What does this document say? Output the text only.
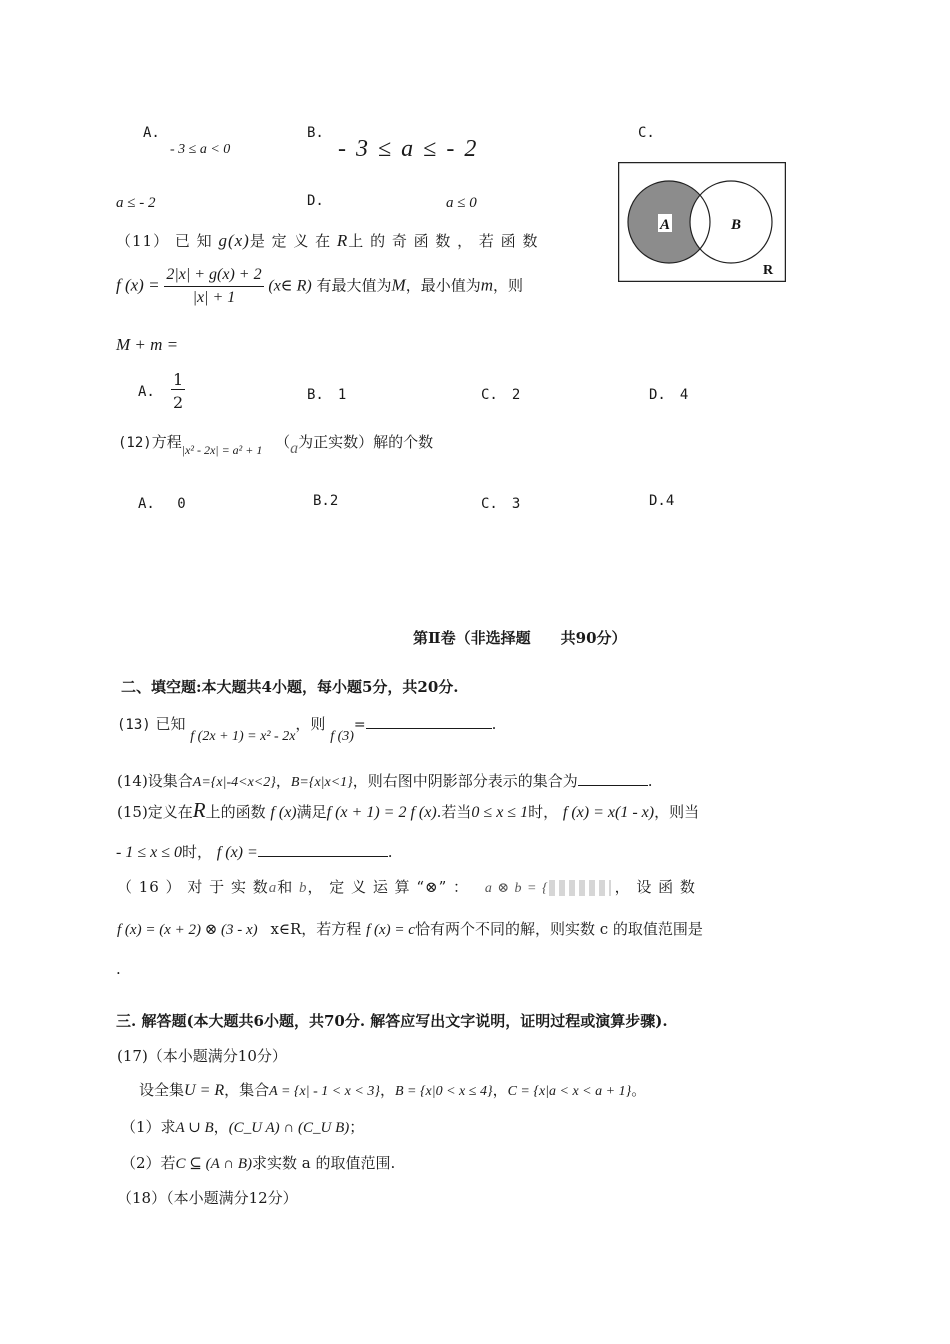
A.
- 3 ≤ a < 0
B.
- 3 ≤ a ≤ - 2
C.
a ≤ - 2	D.	a ≤ 0
A	B
R
（11） 已 知 g(x)是 定 义 在 R上 的 奇 函 数 ， 若 函 数
f $(x) = \frac{2|x| + g(x) + 2}{|x| + 1}$ (x∈ R) 有最大值为M，最小值为m，则
M + m =
A.
1
2	B.　1	C.　2	D.　4
(12)方程$_{|x^2 - 2x| = a^2 + 1}$ （a为正实数）解的个数
A.　 0	B.2	C.　3	D.4
第Ⅱ卷（非选择题　　共90分）
二、填空题:本大题共4小题，每小题5分，共20分.
(13) 已知 f (2x + 1) = x² - 2x，则 f (3)=	.
(14)设集合A={x|-4<x<2}，B={x|x<1}，则右图中阴影部分表示的集合为	.
(15)定义在R上的函数 f (x)满足f (x + 1) = 2 f (x).若当0 ≤ x ≤ 1时， f (x) = x(1 - x)，则当
- 1 ≤ x ≤ 0时， f (x) =	.
（ 16 ） 对 于 实 数a和 b， 定 义 运 算 “⊗” ： a ⊗ b = {	， 设 函 数
f (x) = (x + 2) ⊗ (3 - x) x∈R，若方程 f (x) = c恰有两个不同的解，则实数 c 的取值范围是
.
三. 解答题(本大题共6小题，共70分. 解答应写出文字说明，证明过程或演算步骤).
(17)（本小题满分10分）
设全集U = R，集合A = {x| - 1 < x < 3}，B = {x|0 < x ≤ 4}，C = {x|a < x < a + 1}。
（1）求A ∪ B，(C_U A) ∩ (C_U B)；
（2）若C ⊆ (A ∩ B)求实数 a 的取值范围.
（18）（本小题满分12分）
